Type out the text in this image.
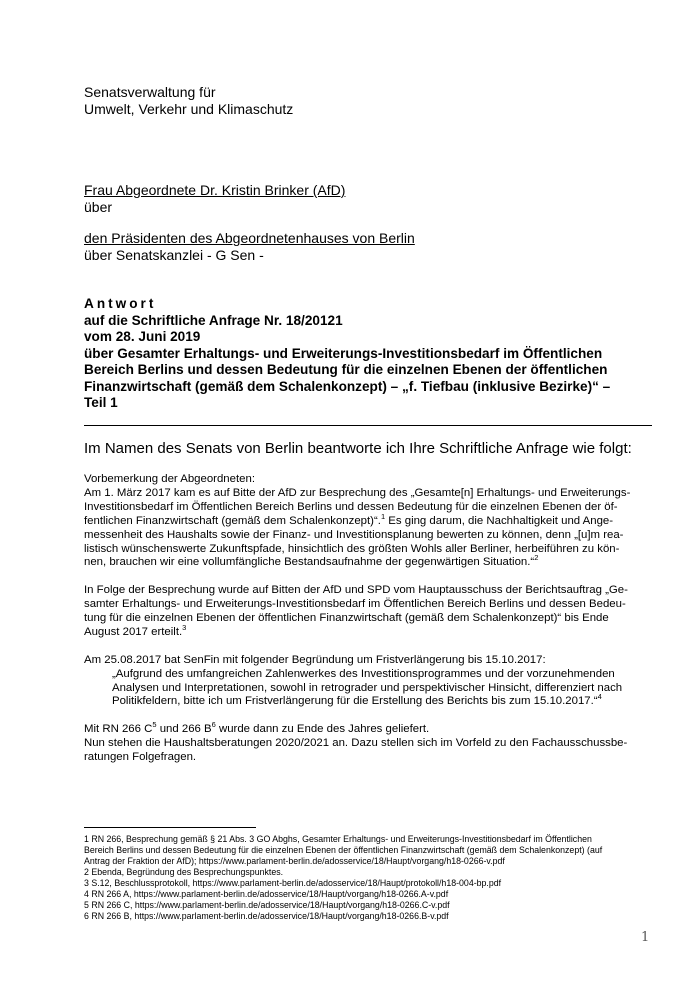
Senatsverwaltung für
Umwelt, Verkehr und Klimaschutz
Frau Abgeordnete Dr. Kristin Brinker (AfD)
über
den Präsidenten des Abgeordnetenhauses von Berlin
über Senatskanzlei - G Sen -
Antwort
auf die Schriftliche Anfrage Nr. 18/20121
vom 28. Juni 2019
über Gesamter Erhaltungs- und Erweiterungs-Investitionsbedarf im Öffentlichen
Bereich Berlins und dessen Bedeutung für die einzelnen Ebenen der öffentlichen
Finanzwirtschaft (gemäß dem Schalenkonzept) – „f. Tiefbau (inklusive Bezirke)“ –
Teil 1
Im Namen des Senats von Berlin beantworte ich Ihre Schriftliche Anfrage wie folgt:

Vorbemerkung der Abgeordneten:
Am 1. März 2017 kam es auf Bitte der AfD zur Besprechung des „Gesamte[n] Erhaltungs- und Erweiterungs-
Investitionsbedarf im Öffentlichen Bereich Berlins und dessen Bedeutung für die einzelnen Ebenen der öf-
fentlichen Finanzwirtschaft (gemäß dem Schalenkonzept)“.$^1$ Es ging darum, die Nachhaltigkeit und Ange-
messenheit des Haushalts sowie der Finanz- und Investitionsplanung bewerten zu können, denn „[u]m rea-
listisch wünschenswerte Zukunftspfade, hinsichtlich des größten Wohls aller Berliner, herbeiführen zu kön-
nen, brauchen wir eine vollumfängliche Bestandsaufnahme der gegenwärtigen Situation.“$^2$

In Folge der Besprechung wurde auf Bitten der AfD und SPD vom Hauptausschuss der Berichtsauftrag „Ge-
samter Erhaltungs- und Erweiterungs-Investitionsbedarf im Öffentlichen Bereich Berlins und dessen Bedeu-
tung für die einzelnen Ebenen der öffentlichen Finanzwirtschaft (gemäß dem Schalenkonzept)“ bis Ende
August 2017 erteilt.$^3$

Am 25.08.2017 bat SenFin mit folgender Begründung um Fristverlängerung bis 15.10.2017:
„Aufgrund des umfangreichen Zahlenwerkes des Investitionsprogrammes und der vorzunehmenden
Analysen und Interpretationen, sowohl in retrograder und perspektivischer Hinsicht, differenziert nach
Politikfeldern, bitte ich um Fristverlängerung für die Erstellung des Berichts bis zum 15.10.2017.“$^4$

Mit RN 266 C$^5$ und 266 B$^6$ wurde dann zu Ende des Jahres geliefert.
Nun stehen die Haushaltsberatungen 2020/2021 an. Dazu stellen sich im Vorfeld zu den Fachausschussbe-
ratungen Folgefragen.

1 RN 266, Besprechung gemäß § 21 Abs. 3 GO Abghs, Gesamter Erhaltungs- und Erweiterungs-Investitionsbedarf im Öffentlichen
Bereich Berlins und dessen Bedeutung für die einzelnen Ebenen der öffentlichen Finanzwirtschaft (gemäß dem Schalenkonzept) (auf
Antrag der Fraktion der AfD); https://www.parlament-berlin.de/adosservice/18/Haupt/vorgang/h18-0266-v.pdf
2 Ebenda, Begründung des Besprechungspunktes.
3 S.12, Beschlussprotokoll, https://www.parlament-berlin.de/adosservice/18/Haupt/protokoll/h18-004-bp.pdf
4 RN 266 A, https://www.parlament-berlin.de/adosservice/18/Haupt/vorgang/h18-0266.A-v.pdf
5 RN 266 C, https://www.parlament-berlin.de/adosservice/18/Haupt/vorgang/h18-0266.C-v.pdf
6 RN 266 B, https://www.parlament-berlin.de/adosservice/18/Haupt/vorgang/h18-0266.B-v.pdf
1
